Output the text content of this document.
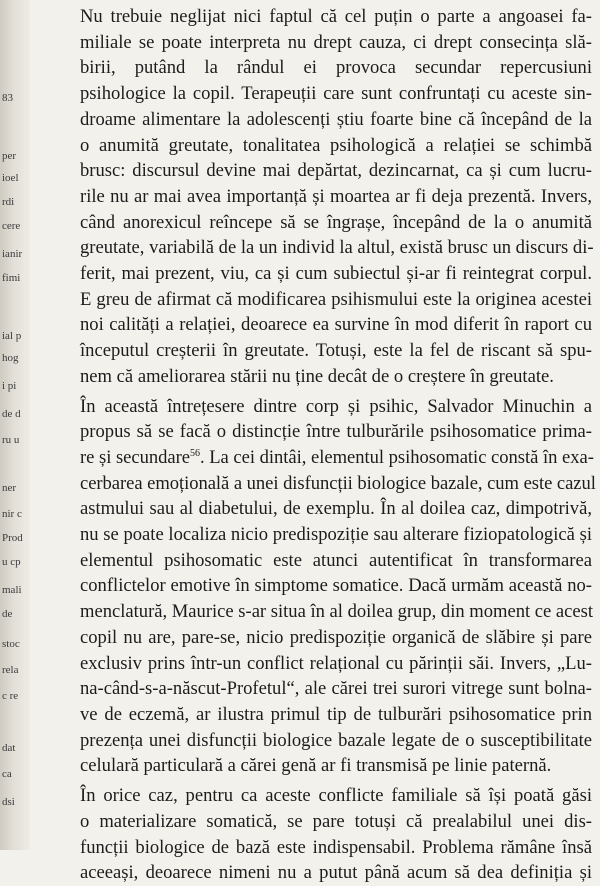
83
per
ioel
rdi
cere
ianir
fimi
ial p
hog
i pi
de d
ru u
ner
nir c
Prod
u cp
mali
de
stoc
rela
c re
dat
ca
dsi

Nu trebuie neglijat nici faptul că cel puțin o parte a angoasei fa-
miliale se poate interpreta nu drept cauza, ci drept consecința slă-
birii, putând la rândul ei provoca secundar repercusiuni
psihologice la copil. Terapeuții care sunt confruntați cu aceste sin-
droame alimentare la adolescenți știu foarte bine că începând de la
o anumită greutate, tonalitatea psihologică a relației se schimbă
brusc: discursul devine mai depărtat, dezincarnat, ca și cum lucru-
rile nu ar mai avea importanță și moartea ar fi deja prezentă. Invers,
când anorexicul reîncepe să se îngrașe, începând de la o anumită
greutate, variabilă de la un individ la altul, există brusc un discurs di-
ferit, mai prezent, viu, ca și cum subiectul și-ar fi reintegrat corpul.
E greu de afirmat că modificarea psihismului este la originea acestei
noi calități a relației, deoarece ea survine în mod diferit în raport cu
începutul creșterii în greutate. Totuși, este la fel de riscant să spu-
nem că ameliorarea stării nu ține decât de o creștere în greutate.

În această întrețesere dintre corp și psihic, Salvador Minuchin a
propus să se facă o distincție între tulburările psihosomatice prima-
re și secundare$^{56}$. La cei dintâi, elementul psihosomatic constă în exa-
cerbarea emoțională a unei disfuncții biologice bazale, cum este cazul
astmului sau al diabetului, de exemplu. În al doilea caz, dimpotrivă,
nu se poate localiza nicio predispoziție sau alterare fiziopatologică și
elementul psihosomatic este atunci autentificat în transformarea
conflictelor emotive în simptome somatice. Dacă urmăm această no-
menclatură, Maurice s-ar situa în al doilea grup, din moment ce acest
copil nu are, pare-se, nicio predispoziție organică de slăbire și pare
exclusiv prins într-un conflict relațional cu părinții săi. Invers, „Lu-
na-când-s-a-născut-Profetul“, ale cărei trei surori vitrege sunt bolna-
ve de eczemă, ar ilustra primul tip de tulburări psihosomatice prin
prezența unei disfuncții biologice bazale legate de o susceptibilitate
celulară particulară a cărei genă ar fi transmisă pe linie paternă.

În orice caz, pentru ca aceste conflicte familiale să își poată găsi
o materializare somatică, se pare totuși că prealabilul unei dis-
funcții biologice de bază este indispensabil. Problema rămâne însă
aceeași, deoarece nimeni nu a putut până acum să dea definiția și
